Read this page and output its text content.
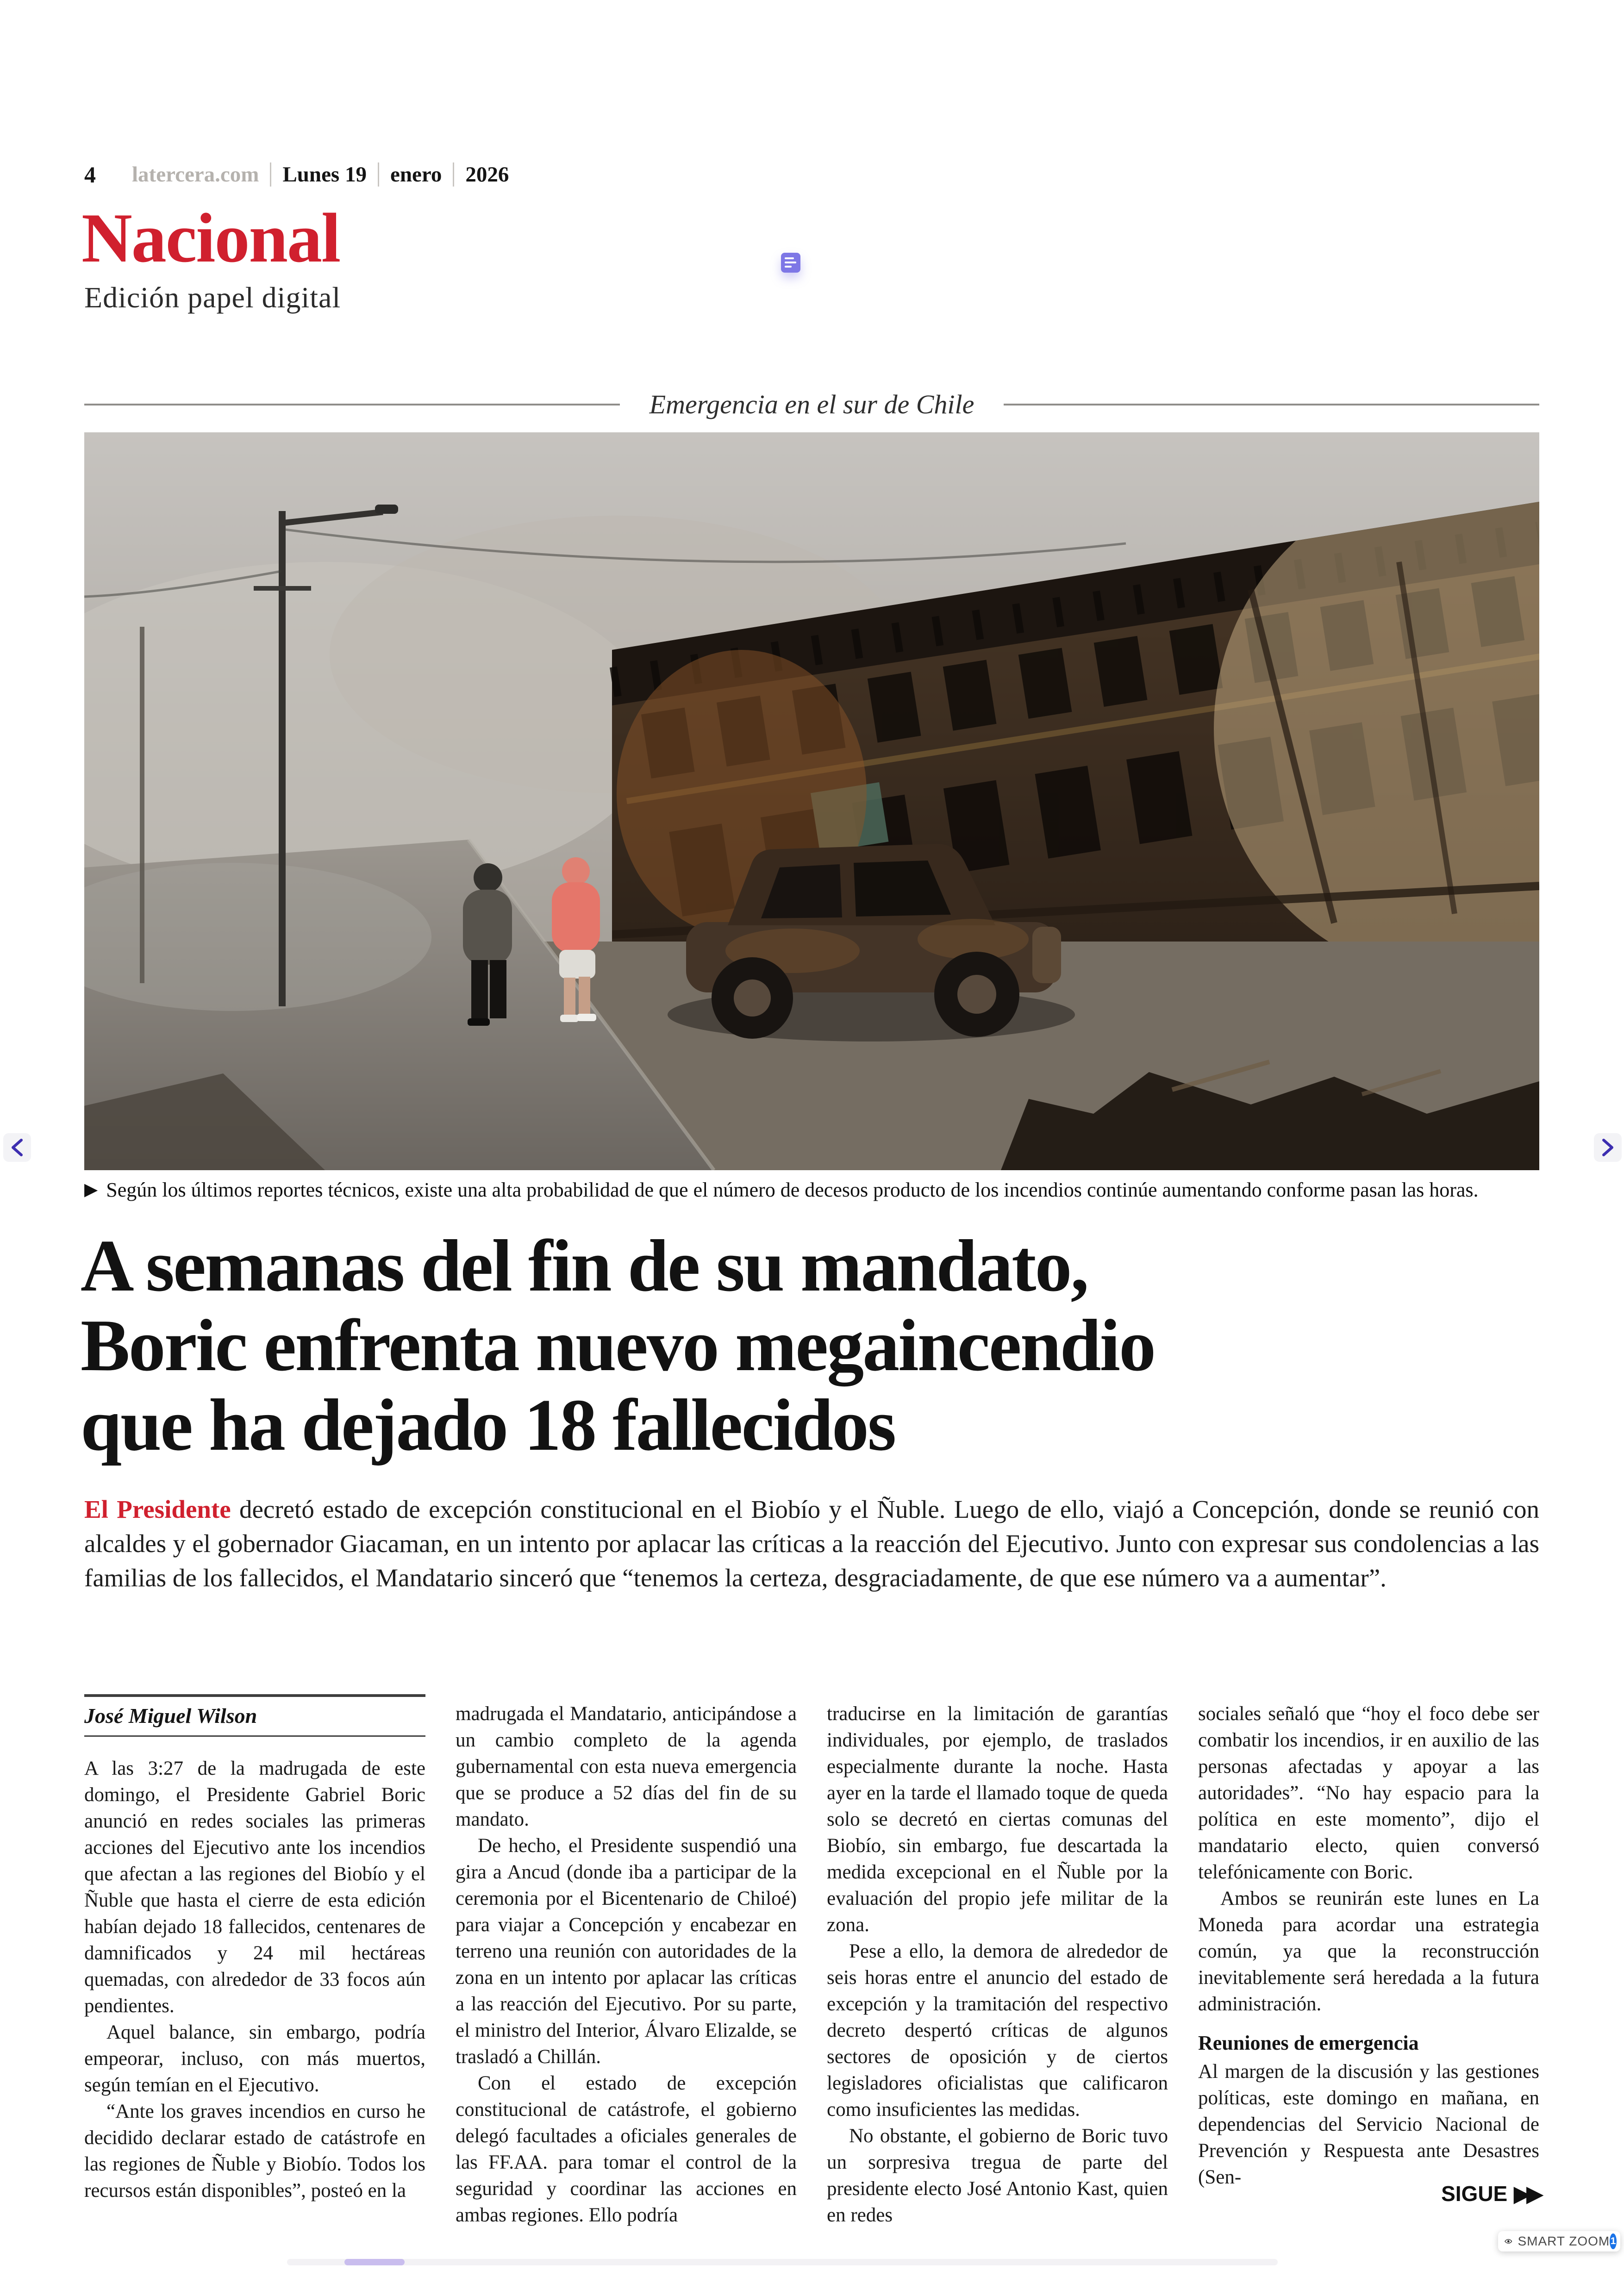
4 latercera.com Lunes 19 enero 2026
Nacional
Edición papel digital
Emergencia en el sur de Chile
▶ Según los últimos reportes técnicos, existe una alta probabilidad de que el número de decesos producto de los incendios continúe aumentando conforme pasan las horas.
A semanas del fin de su mandato,
Boric enfrenta nuevo megaincendio
que ha dejado 18 fallecidos

El Presidente decretó estado de excepción constitucional en el Biobío y el Ñuble. Luego de ello, viajó a Concepción, donde se reunió con alcaldes y el gobernador Giacaman, en un intento por aplacar las críticas a la reacción del Ejecutivo. Junto con expresar sus condolencias a las familias de los fallecidos, el Mandatario sinceró que “tenemos la certeza, desgraciadamente, de que ese número va a aumentar”.

José Miguel Wilson

A las 3:27 de la madrugada de este domingo, el Presidente Gabriel Boric anunció en redes sociales las primeras acciones del Ejecutivo ante los incendios que afectan a las regiones del Biobío y el Ñuble que hasta el cierre de esta edición habían dejado 18 fallecidos, centenares de damnificados y 24 mil hectáreas quemadas, con alrededor de 33 focos aún pendientes.

Aquel balance, sin embargo, podría empeorar, incluso, con más muertos, según temían en el Ejecutivo.

“Ante los graves incendios en curso he decidido declarar estado de catástrofe en las regiones de Ñuble y Biobío. Todos los recursos están disponibles”, posteó en la

madrugada el Mandatario, anticipándose a un cambio completo de la agenda gubernamental con esta nueva emergencia que se produce a 52 días del fin de su mandato.

De hecho, el Presidente suspendió una gira a Ancud (donde iba a participar de la ceremonia por el Bicentenario de Chiloé) para viajar a Concepción y encabezar en terreno una reunión con autoridades de la zona en un intento por aplacar las críticas a las reacción del Ejecutivo. Por su parte, el ministro del Interior, Álvaro Elizalde, se trasladó a Chillán.

Con el estado de excepción constitucional de catástrofe, el gobierno delegó facultades a oficiales generales de las FF.AA. para tomar el control de la seguridad y coordinar las acciones en ambas regiones. Ello podría

traducirse en la limitación de garantías individuales, por ejemplo, de traslados especialmente durante la noche. Hasta ayer en la tarde el llamado toque de queda solo se decretó en ciertas comunas del Biobío, sin embargo, fue descartada la medida excepcional en el Ñuble por la evaluación del propio jefe militar de la zona.

Pese a ello, la demora de alrededor de seis horas entre el anuncio del estado de excepción y la tramitación del respectivo decreto despertó críticas de algunos sectores de oposición y de ciertos legisladores oficialistas que calificaron como insuficientes las medidas.

No obstante, el gobierno de Boric tuvo un sorpresiva tregua de parte del presidente electo José Antonio Kast, quien en redes

sociales señaló que “hoy el foco debe ser combatir los incendios, ir en auxilio de las personas afectadas y apoyar a las autoridades”. “No hay espacio para la política en este momento”, dijo el mandatario electo, quien conversó telefónicamente con Boric.

Ambos se reunirán este lunes en La Moneda para acordar una estrategia común, ya que la reconstrucción inevitablemente será heredada a la futura administración.

Reuniones de emergencia

Al margen de la discusión y las gestiones políticas, este domingo en mañana, en dependencias del Servicio Nacional de Prevención y Respuesta ante Desastres (Sen-

SIGUE ▶▶
SMART ZOOM 1
